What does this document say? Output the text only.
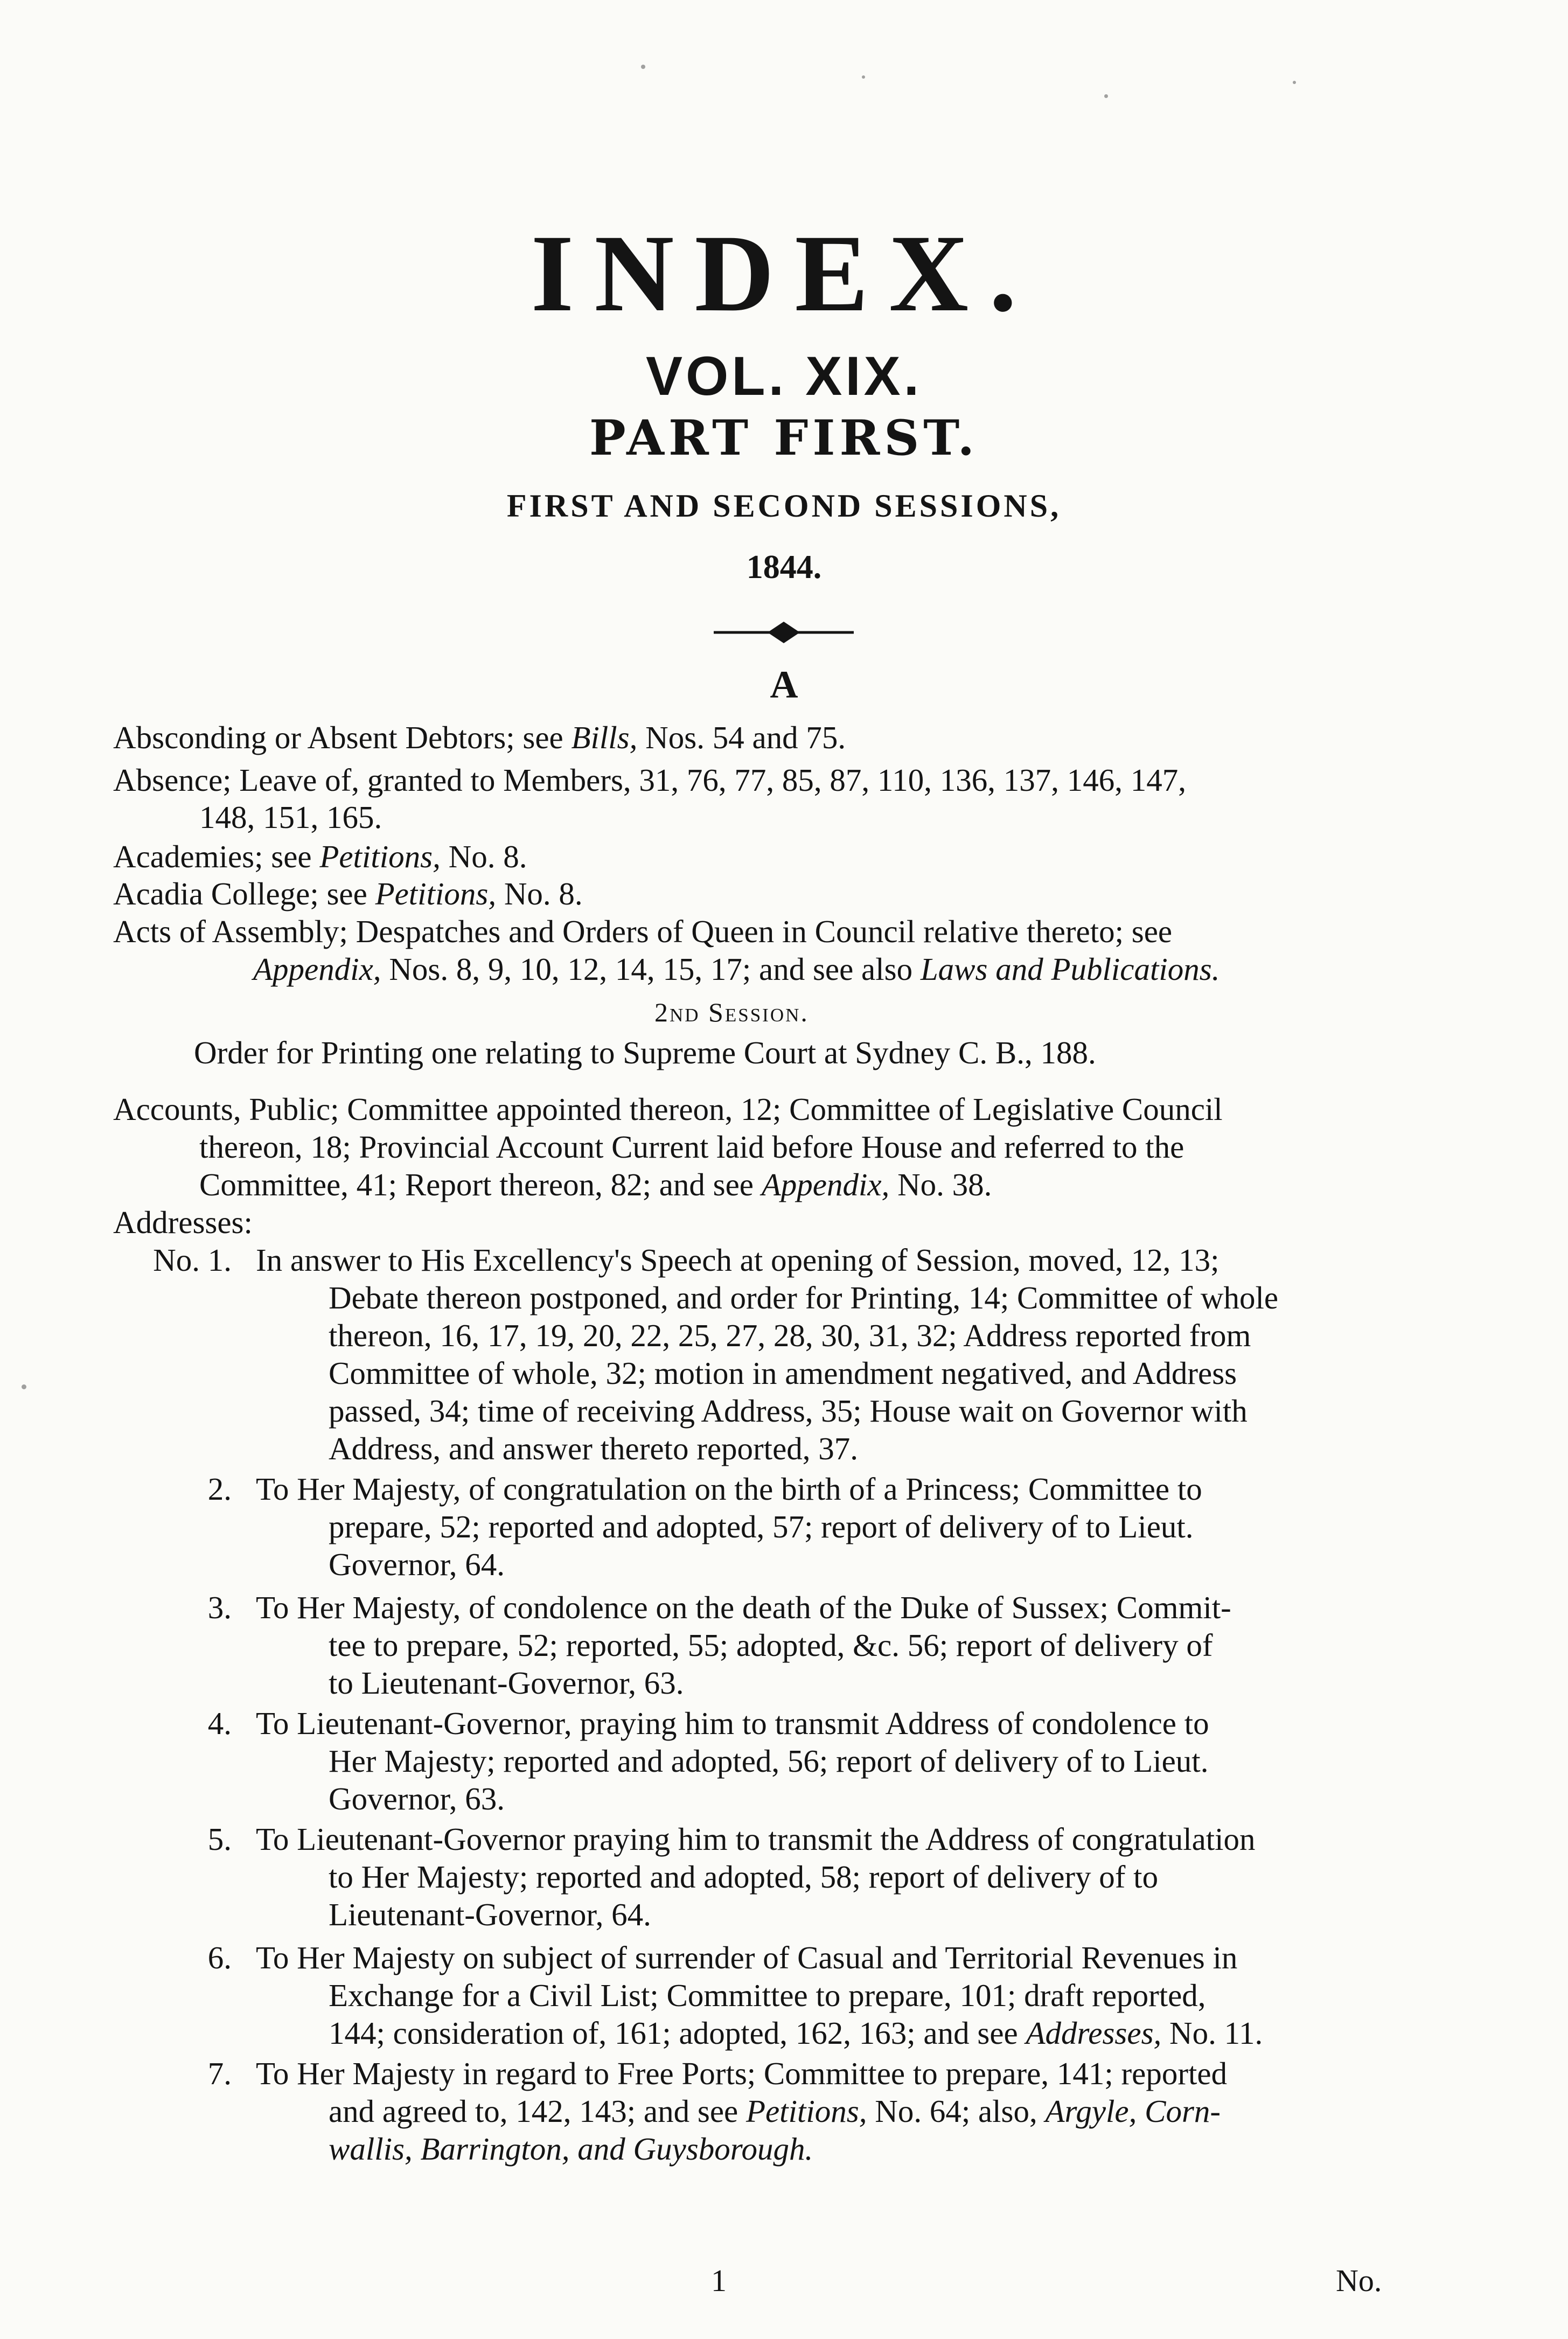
INDEX.
VOL. XIX.
PART FIRST.
FIRST AND SECOND SESSIONS,
1844.
A
Absconding or Absent Debtors; see Bills, Nos. 54 and 75.
Absence; Leave of, granted to Members, 31, 76, 77, 85, 87, 110, 136, 137, 146, 147,
148, 151, 165.
Academies; see Petitions, No. 8.
Acadia College; see Petitions, No. 8.
Acts of Assembly; Despatches and Orders of Queen in Council relative thereto; see
Appendix, Nos. 8, 9, 10, 12, 14, 15, 17; and see also Laws and Publications.
2nd Session.
Order for Printing one relating to Supreme Court at Sydney C. B., 188.
Accounts, Public; Committee appointed thereon, 12; Committee of Legislative Council
thereon, 18; Provincial Account Current laid before House and referred to the
Committee, 41; Report thereon, 82; and see Appendix, No. 38.
Addresses:
No. 1. In answer to His Excellency's Speech at opening of Session, moved, 12, 13;
Debate thereon postponed, and order for Printing, 14; Committee of whole
thereon, 16, 17, 19, 20, 22, 25, 27, 28, 30, 31, 32; Address reported from
Committee of whole, 32; motion in amendment negatived, and Address
passed, 34; time of receiving Address, 35; House wait on Governor with
Address, and answer thereto reported, 37.
2. To Her Majesty, of congratulation on the birth of a Princess; Committee to
prepare, 52; reported and adopted, 57; report of delivery of to Lieut.
Governor, 64.
3. To Her Majesty, of condolence on the death of the Duke of Sussex; Commit-
tee to prepare, 52; reported, 55; adopted, &c. 56; report of delivery of
to Lieutenant-Governor, 63.
4. To Lieutenant-Governor, praying him to transmit Address of condolence to
Her Majesty; reported and adopted, 56; report of delivery of to Lieut.
Governor, 63.
5. To Lieutenant-Governor praying him to transmit the Address of congratulation
to Her Majesty; reported and adopted, 58; report of delivery of to
Lieutenant-Governor, 64.
6. To Her Majesty on subject of surrender of Casual and Territorial Revenues in
Exchange for a Civil List; Committee to prepare, 101; draft reported,
144; consideration of, 161; adopted, 162, 163; and see Addresses, No. 11.
7. To Her Majesty in regard to Free Ports; Committee to prepare, 141; reported
and agreed to, 142, 143; and see Petitions, No. 64; also, Argyle, Corn-
wallis, Barrington, and Guysborough.
1	No.
